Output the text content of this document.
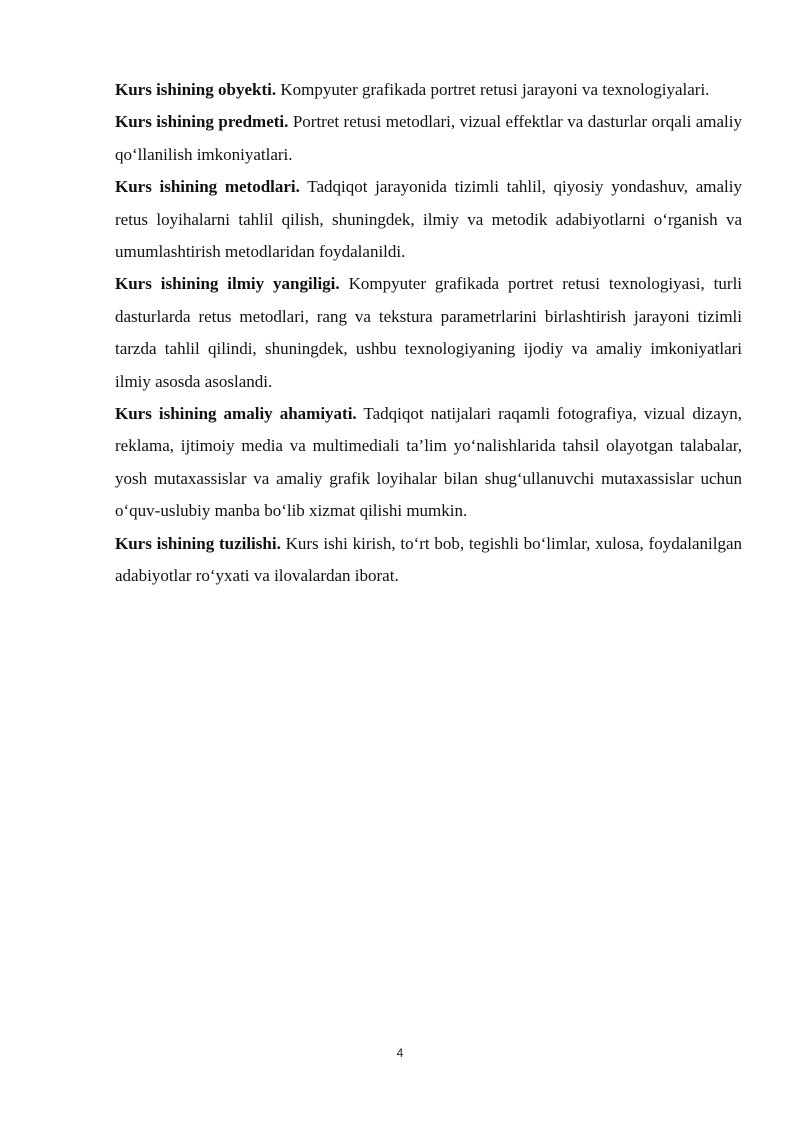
Kurs ishining obyekti. Kompyuter grafikada portret retusi jarayoni va texnologiyalari.

Kurs ishining predmeti. Portret retusi metodlari, vizual effektlar va dasturlar orqali amaliy qo‘llanilish imkoniyatlari.

Kurs ishining metodlari. Tadqiqot jarayonida tizimli tahlil, qiyosiy yondashuv, amaliy retus loyihalarni tahlil qilish, shuningdek, ilmiy va metodik adabiyotlarni o‘rganish va umumlashtirish metodlaridan foydalanildi.

Kurs ishining ilmiy yangiligi. Kompyuter grafikada portret retusi texnologiyasi, turli dasturlarda retus metodlari, rang va tekstura parametrlarini birlashtirish jarayoni tizimli tarzda tahlil qilindi, shuningdek, ushbu texnologiyaning ijodiy va amaliy imkoniyatlari ilmiy asosda asoslandi.

Kurs ishining amaliy ahamiyati. Tadqiqot natijalari raqamli fotografiya, vizual dizayn, reklama, ijtimoiy media va multimediali ta’lim yo‘nalishlarida tahsil olayotgan talabalar, yosh mutaxassislar va amaliy grafik loyihalar bilan shug‘ullanuvchi mutaxassislar uchun o‘quv-uslubiy manba bo‘lib xizmat qilishi mumkin.

Kurs ishining tuzilishi. Kurs ishi kirish, to‘rt bob, tegishli bo‘limlar, xulosa, foydalanilgan adabiyotlar ro‘yxati va ilovalardan iborat.

4
